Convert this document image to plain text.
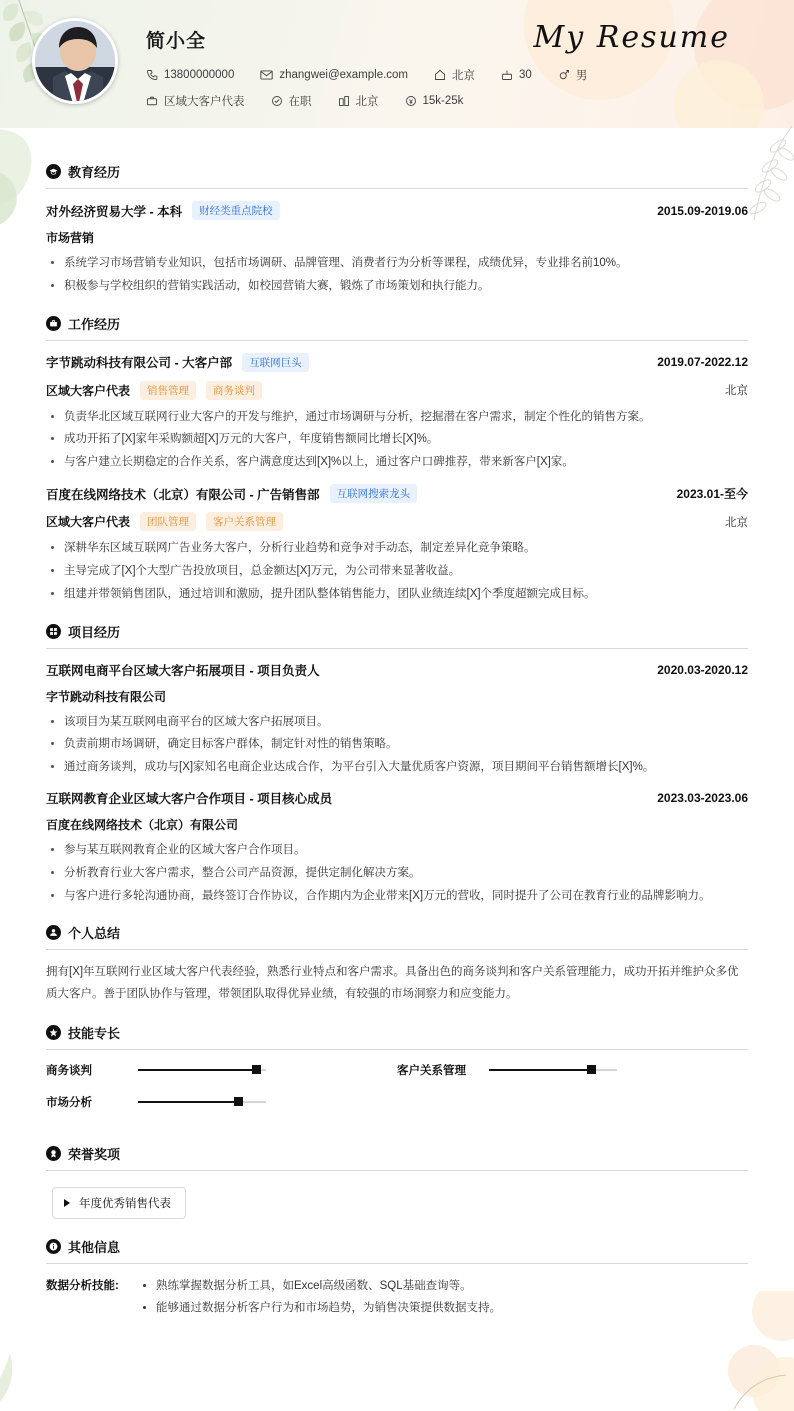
My Resume
简小全
13800000000	zhangwei@example.com	北京	30	男
区域大客户代表	在职	北京	15k-25k
教育经历
对外经济贸易大学 - 本科	财经类重点院校	2015.09-2019.06
市场营销
• 系统学习市场营销专业知识，包括市场调研、品牌管理、消费者行为分析等课程，成绩优异，专业排名前10%。
• 积极参与学校组织的营销实践活动，如校园营销大赛，锻炼了市场策划和执行能力。
工作经历
字节跳动科技有限公司 - 大客户部	互联网巨头	2019.07-2022.12
区域大客户代表	销售管理	商务谈判	北京
• 负责华北区域互联网行业大客户的开发与维护，通过市场调研与分析，挖掘潜在客户需求，制定个性化的销售方案。
• 成功开拓了[X]家年采购额超[X]万元的大客户，年度销售额同比增长[X]%。
• 与客户建立长期稳定的合作关系，客户满意度达到[X]%以上，通过客户口碑推荐，带来新客户[X]家。
百度在线网络技术（北京）有限公司 - 广告销售部	互联网搜索龙头	2023.01-至今
区域大客户代表	团队管理	客户关系管理	北京
• 深耕华东区域互联网广告业务大客户，分析行业趋势和竞争对手动态，制定差异化竞争策略。
• 主导完成了[X]个大型广告投放项目，总金额达[X]万元，为公司带来显著收益。
• 组建并带领销售团队，通过培训和激励，提升团队整体销售能力，团队业绩连续[X]个季度超额完成目标。
项目经历
互联网电商平台区域大客户拓展项目 - 项目负责人	2020.03-2020.12
字节跳动科技有限公司
• 该项目为某互联网电商平台的区域大客户拓展项目。
• 负责前期市场调研，确定目标客户群体，制定针对性的销售策略。
• 通过商务谈判，成功与[X]家知名电商企业达成合作，为平台引入大量优质客户资源，项目期间平台销售额增长[X]%。
互联网教育企业区域大客户合作项目 - 项目核心成员	2023.03-2023.06
百度在线网络技术（北京）有限公司
• 参与某互联网教育企业的区域大客户合作项目。
• 分析教育行业大客户需求，整合公司产品资源，提供定制化解决方案。
• 与客户进行多轮沟通协商，最终签订合作协议，合作期内为企业带来[X]万元的营收，同时提升了公司在教育行业的品牌影响力。
个人总结
拥有[X]年互联网行业区域大客户代表经验，熟悉行业特点和客户需求。具备出色的商务谈判和客户关系管理能力，成功开拓并维护众多优质大客户。善于团队协作与管理，带领团队取得优异业绩，有较强的市场洞察力和应变能力。
技能专长
商务谈判	客户关系管理
市场分析
荣誉奖项
年度优秀销售代表
其他信息
数据分析技能:	• 熟练掌握数据分析工具，如Excel高级函数、SQL基础查询等。
• 能够通过数据分析客户行为和市场趋势，为销售决策提供数据支持。
